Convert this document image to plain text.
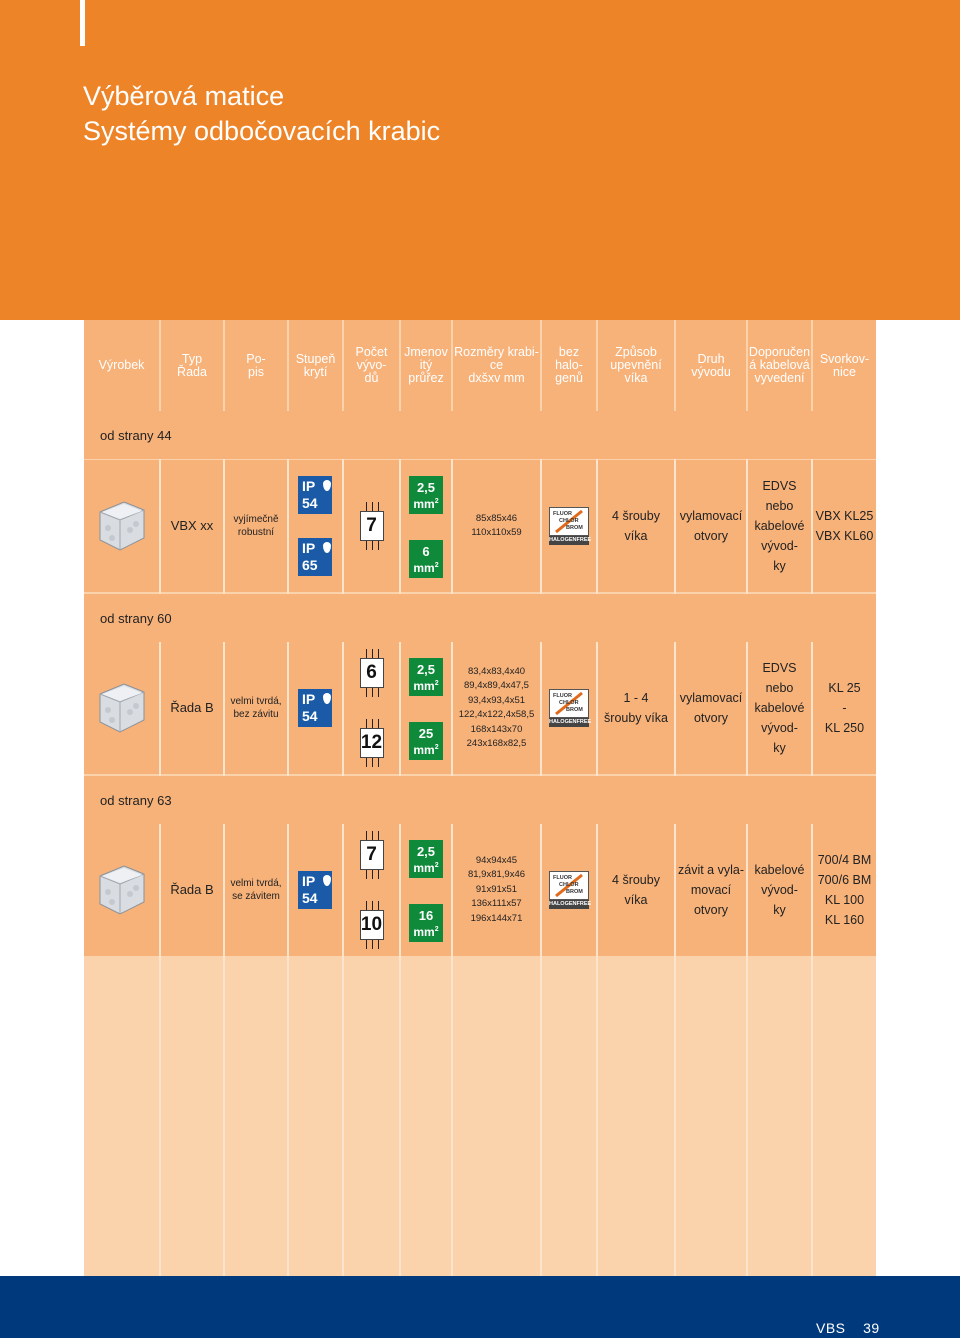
Výběrová matice
Systémy odbočovacích krabic
Výrobek	Typ
Řada
Po-
pis
Stupeň
krytí
Počet
vývo-
dů
Jmenov
itý
průřez
Rozměry krabi-
ce
dxšxv mm
bez
halo-
genů
Způsob
upevnění
víka
Druh
vývodu
Doporučen
á kabelová
vyvedení
Svorkov-
nice
od strany 44
VBX xx vyjímečně
robustní
IP
54
IP
65
7
2,5
$mm^2$
6
$mm^2$
85x85x46
110x110x59
FLUOR
CHLOR
BROM
HALOGENFREE
4 šrouby
víka
vylamovací
otvory
EDVS
nebo
kabelové
vývod-
ky
VBX KL25
VBX KL60
od strany 60
Řada B velmi tvrdá,
bez závitu
IP
54
6
12
2,5
$mm^2$
25
$mm^2$
83,4x83,4x40
89,4x89,4x47,5
93,4x93,4x51
122,4x122,4x58,5
168x143x70
243x168x82,5
FLUOR
CHLOR
BROM
HALOGENFREE
1 - 4
šrouby víka
vylamovací
otvory
EDVS
nebo
kabelové
vývod-
ky
KL 25
-
KL 250
od strany 63
Řada B velmi tvrdá,
se závitem
IP
54
7
10
2,5
$mm^2$
16
$mm^2$
94x94x45
81,9x81,9x46
91x91x51
136x111x57
196x144x71
FLUOR
CHLOR
BROM
HALOGENFREE
4 šrouby
víka
závit a vyla-
movací
otvory
kabelové
vývod-
ky
700/4 BM
700/6 BM
KL 100
KL 160
VBS 39
